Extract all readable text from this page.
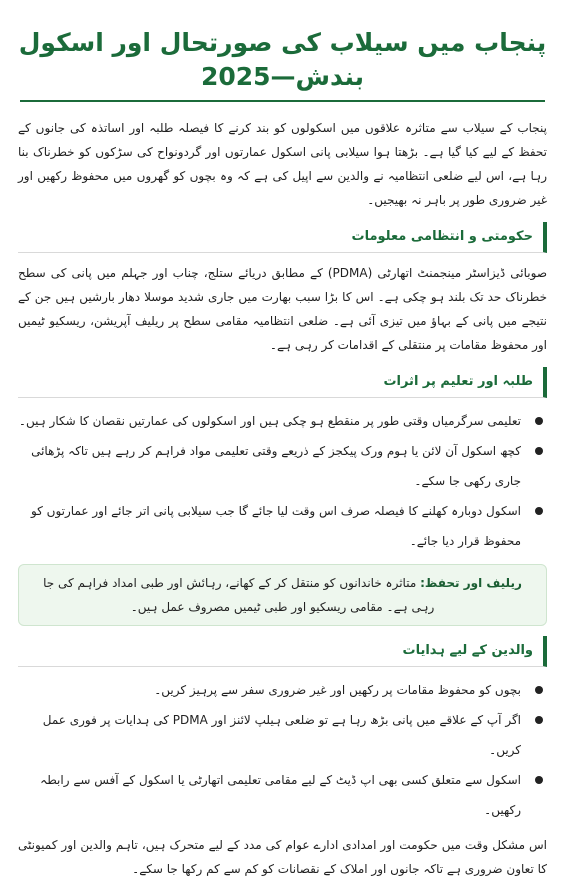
پنجاب میں سیلاب کی صورتحال اور اسکول بندش—2025

پنجاب کے سیلاب سے متاثرہ علاقوں میں اسکولوں کو بند کرنے کا فیصلہ طلبہ اور اساتذہ کی جانوں کے تحفظ کے لیے کیا گیا ہے۔ بڑھتا ہوا سیلابی پانی اسکول عمارتوں اور گردونواح کی سڑکوں کو خطرناک بنا رہا ہے، اس لیے ضلعی انتظامیہ نے والدین سے اپیل کی ہے کہ وہ بچوں کو گھروں میں محفوظ رکھیں اور غیر ضروری طور پر باہر نہ بھیجیں۔

حکومتی و انتظامی معلومات

صوبائی ڈیزاسٹر مینجمنٹ اتھارٹی (PDMA) کے مطابق دریائے ستلج، چناب اور جہلم میں پانی کی سطح خطرناک حد تک بلند ہو چکی ہے۔ اس کا بڑا سبب بھارت میں جاری شدید موسلا دھار بارشیں ہیں جن کے نتیجے میں پانی کے بہاؤ میں تیزی آئی ہے۔ ضلعی انتظامیہ مقامی سطح پر ریلیف آپریشن، ریسکیو ٹیمیں اور محفوظ مقامات پر منتقلی کے اقدامات کر رہی ہے۔

طلبہ اور تعلیم پر اثرات
تعلیمی سرگرمیاں وقتی طور پر منقطع ہو چکی ہیں اور اسکولوں کی عمارتیں نقصان کا شکار ہیں۔
کچھ اسکول آن لائن یا ہوم ورک پیکجز کے ذریعے وقتی تعلیمی مواد فراہم کر رہے ہیں تاکہ پڑھائی جاری رکھی جا سکے۔
اسکول دوبارہ کھلنے کا فیصلہ صرف اس وقت لیا جائے گا جب سیلابی پانی اتر جائے اور عمارتوں کو محفوظ قرار دیا جائے۔
ریلیف اور تحفظ: متاثرہ خاندانوں کو منتقل کر کے کھانے، رہائش اور طبی امداد فراہم کی جا رہی ہے۔ مقامی ریسکیو اور طبی ٹیمیں مصروف عمل ہیں۔
والدین کے لیے ہدایات
بچوں کو محفوظ مقامات پر رکھیں اور غیر ضروری سفر سے پرہیز کریں۔
اگر آپ کے علاقے میں پانی بڑھ رہا ہے تو ضلعی ہیلپ لائنز اور PDMA کی ہدایات پر فوری عمل کریں۔
اسکول سے متعلق کسی بھی اپ ڈیٹ کے لیے مقامی تعلیمی اتھارٹی یا اسکول کے آفس سے رابطہ رکھیں۔

اس مشکل وقت میں حکومت اور امدادی ادارے عوام کی مدد کے لیے متحرک ہیں، تاہم والدین اور کمیونٹی کا تعاون ضروری ہے تاکہ جانوں اور املاک کے نقصانات کو کم سے کم رکھا جا سکے۔
